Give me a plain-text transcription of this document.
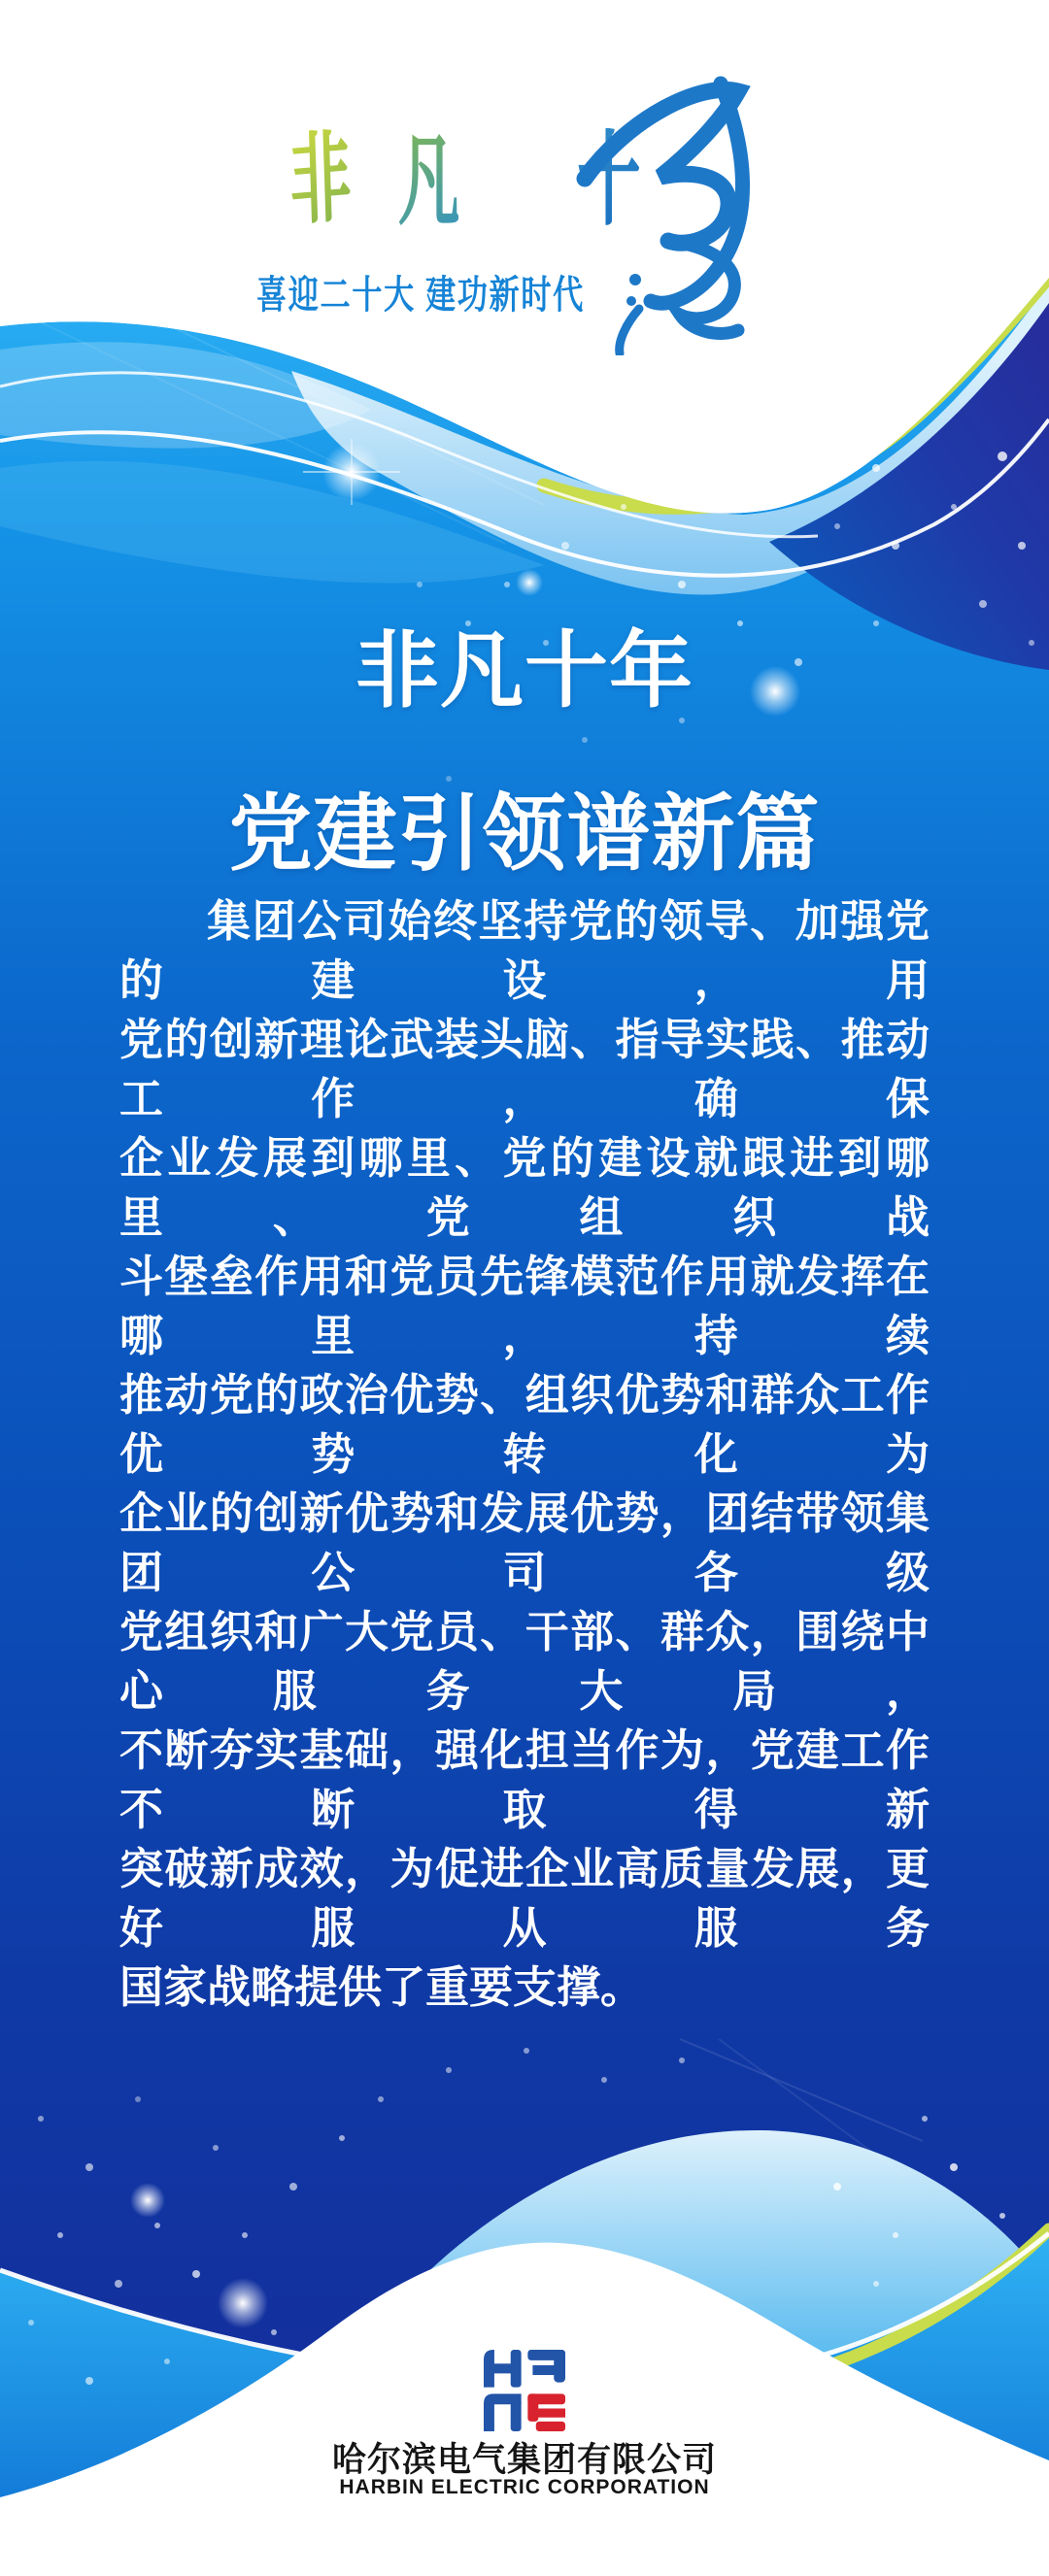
非 凡 十
喜迎二十大 建功新时代
非凡十年
党建引领谱新篇
集团公司始终坚持党的领导、加强党的建设，用
党的创新理论武装头脑、指导实践、推动工作，确保
企业发展到哪里、党的建设就跟进到哪里、党组织战
斗堡垒作用和党员先锋模范作用就发挥在哪里，持续
推动党的政治优势、组织优势和群众工作优势转化为
企业的创新优势和发展优势，团结带领集团公司各级
党组织和广大党员、干部、群众，围绕中心服务大局，
不断夯实基础，强化担当作为，党建工作不断取得新
突破新成效，为促进企业高质量发展，更好服从服务
国家战略提供了重要支撑。
哈尔滨电气集团有限公司
HARBIN ELECTRIC CORPORATION
